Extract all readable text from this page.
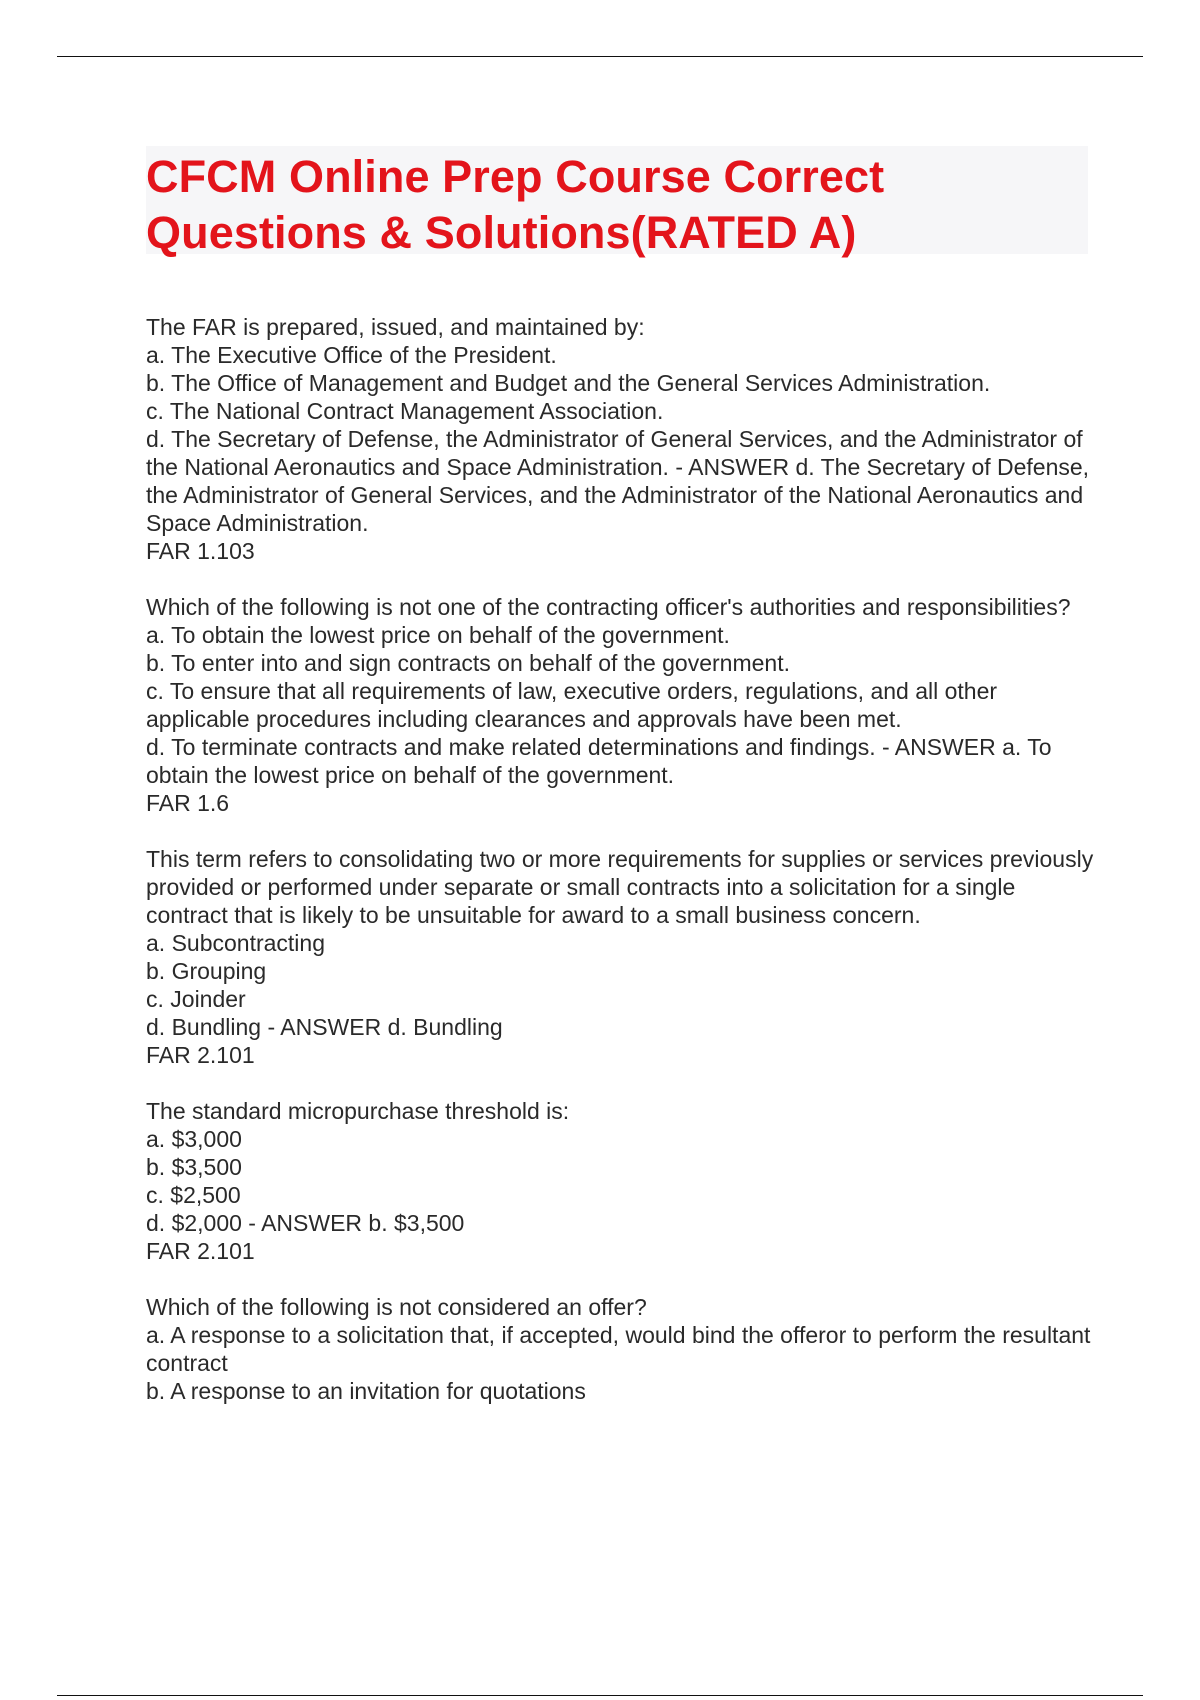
CFCM Online Prep Course Correct Questions & Solutions(RATED A)

The FAR is prepared, issued, and maintained by:

a. The Executive Office of the President.

b. The Office of Management and Budget and the General Services Administration.

c. The National Contract Management Association.

d. The Secretary of Defense, the Administrator of General Services, and the Administrator of the National Aeronautics and Space Administration. - ANSWER d. The Secretary of Defense, the Administrator of General Services, and the Administrator of the National Aeronautics and Space Administration.

FAR 1.103

Which of the following is not one of the contracting officer's authorities and responsibilities?

a. To obtain the lowest price on behalf of the government.

b. To enter into and sign contracts on behalf of the government.

c. To ensure that all requirements of law, executive orders, regulations, and all other applicable procedures including clearances and approvals have been met.

d. To terminate contracts and make related determinations and findings. - ANSWER a. To obtain the lowest price on behalf of the government.

FAR 1.6

This term refers to consolidating two or more requirements for supplies or services previously provided or performed under separate or small contracts into a solicitation for a single contract that is likely to be unsuitable for award to a small business concern.

a. Subcontracting

b. Grouping

c. Joinder

d. Bundling - ANSWER d. Bundling

FAR 2.101

The standard micropurchase threshold is:

a. $3,000

b. $3,500

c. $2,500

d. $2,000 - ANSWER b. $3,500

FAR 2.101

Which of the following is not considered an offer?

a. A response to a solicitation that, if accepted, would bind the offeror to perform the resultant contract

b. A response to an invitation for quotations
